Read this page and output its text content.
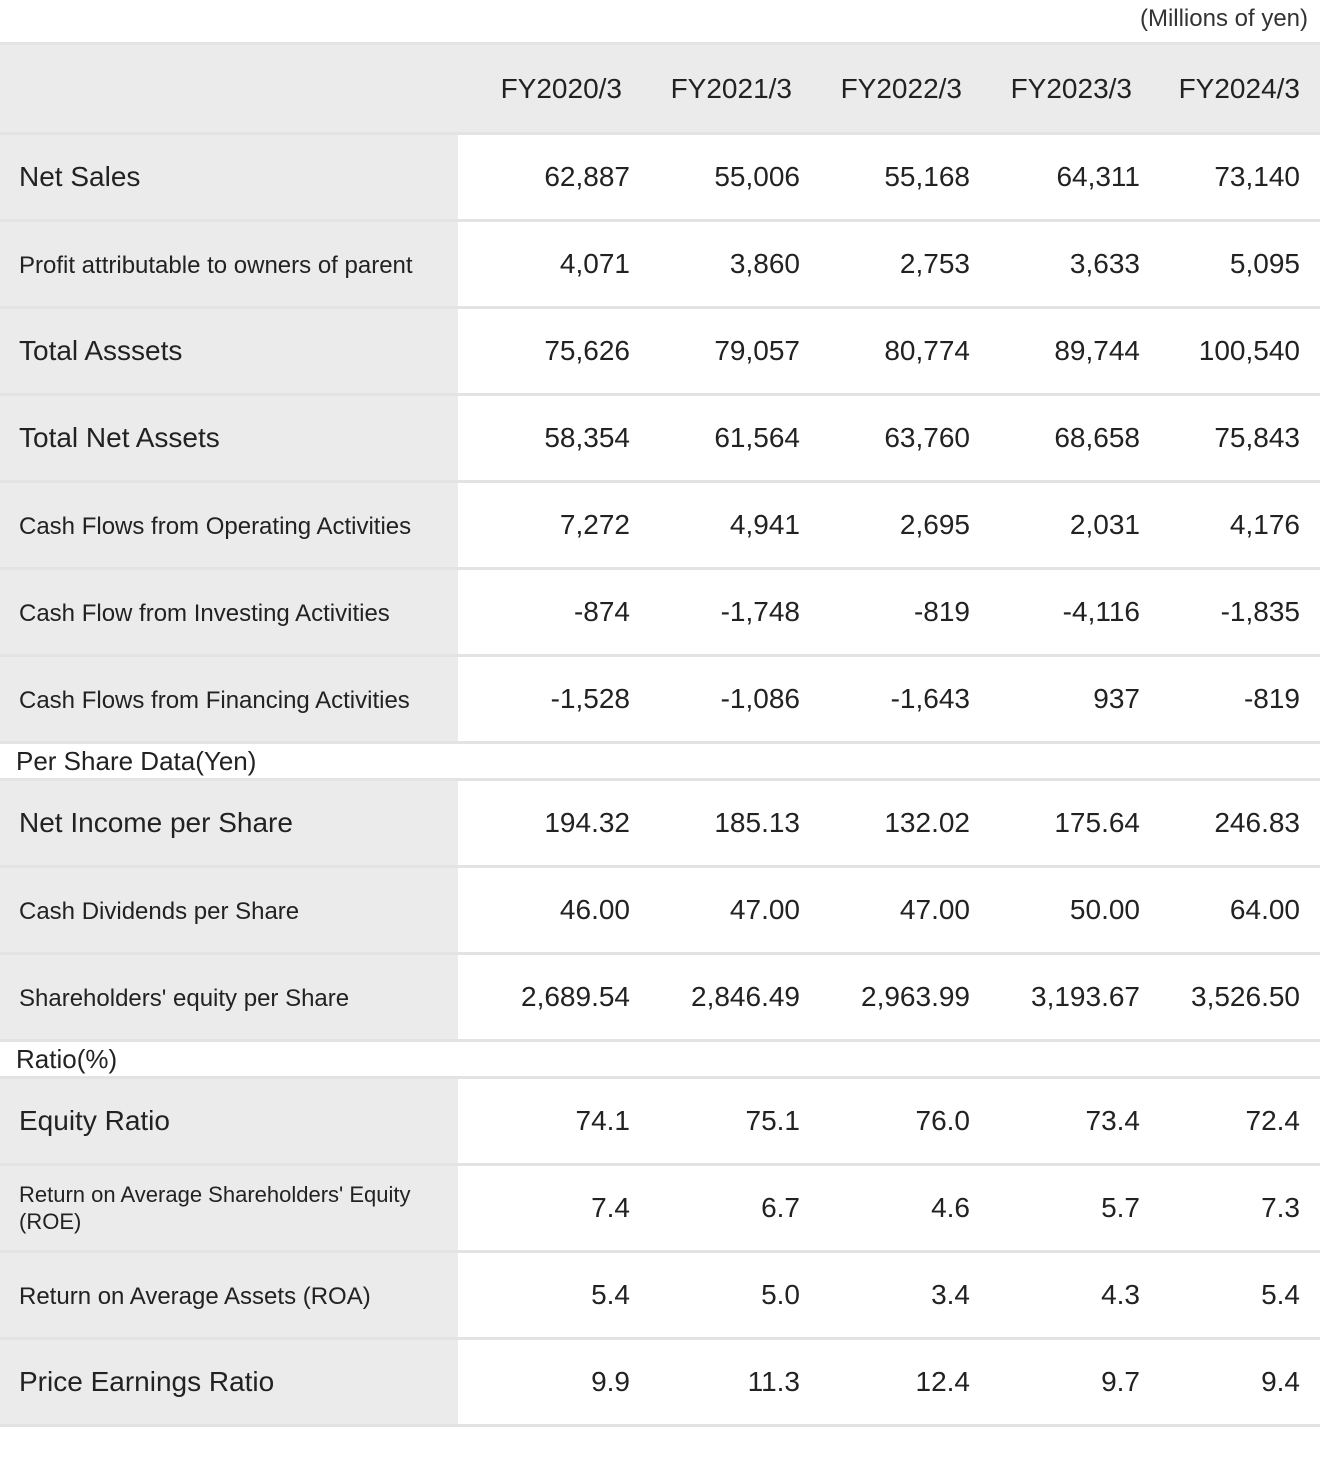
(Millions of yen)
	FY2020/3	FY2021/3	FY2022/3	FY2023/3	FY2024/3
Net Sales	62,887	55,006	55,168	64,311	73,140
Profit attributable to owners of parent	4,071	3,860	2,753	3,633	5,095
Total Asssets	75,626	79,057	80,774	89,744	100,540
Total Net Assets	58,354	61,564	63,760	68,658	75,843
Cash Flows from Operating Activities	7,272	4,941	2,695	2,031	4,176
Cash Flow from Investing Activities	-874	-1,748	-819	-4,116	-1,835
Cash Flows from Financing Activities	-1,528	-1,086	-1,643	937	-819
Per Share Data(Yen)					
Net Income per Share	194.32	185.13	132.02	175.64	246.83
Cash Dividends per Share	46.00	47.00	47.00	50.00	64.00
Shareholders' equity per Share	2,689.54	2,846.49	2,963.99	3,193.67	3,526.50
Ratio(%)					
Equity Ratio	74.1	75.1	76.0	73.4	72.4
Return on Average Shareholders' Equity (ROE)	7.4	6.7	4.6	5.7	7.3
Return on Average Assets (ROA)	5.4	5.0	3.4	4.3	5.4
Price Earnings Ratio	9.9	11.3	12.4	9.7	9.4
